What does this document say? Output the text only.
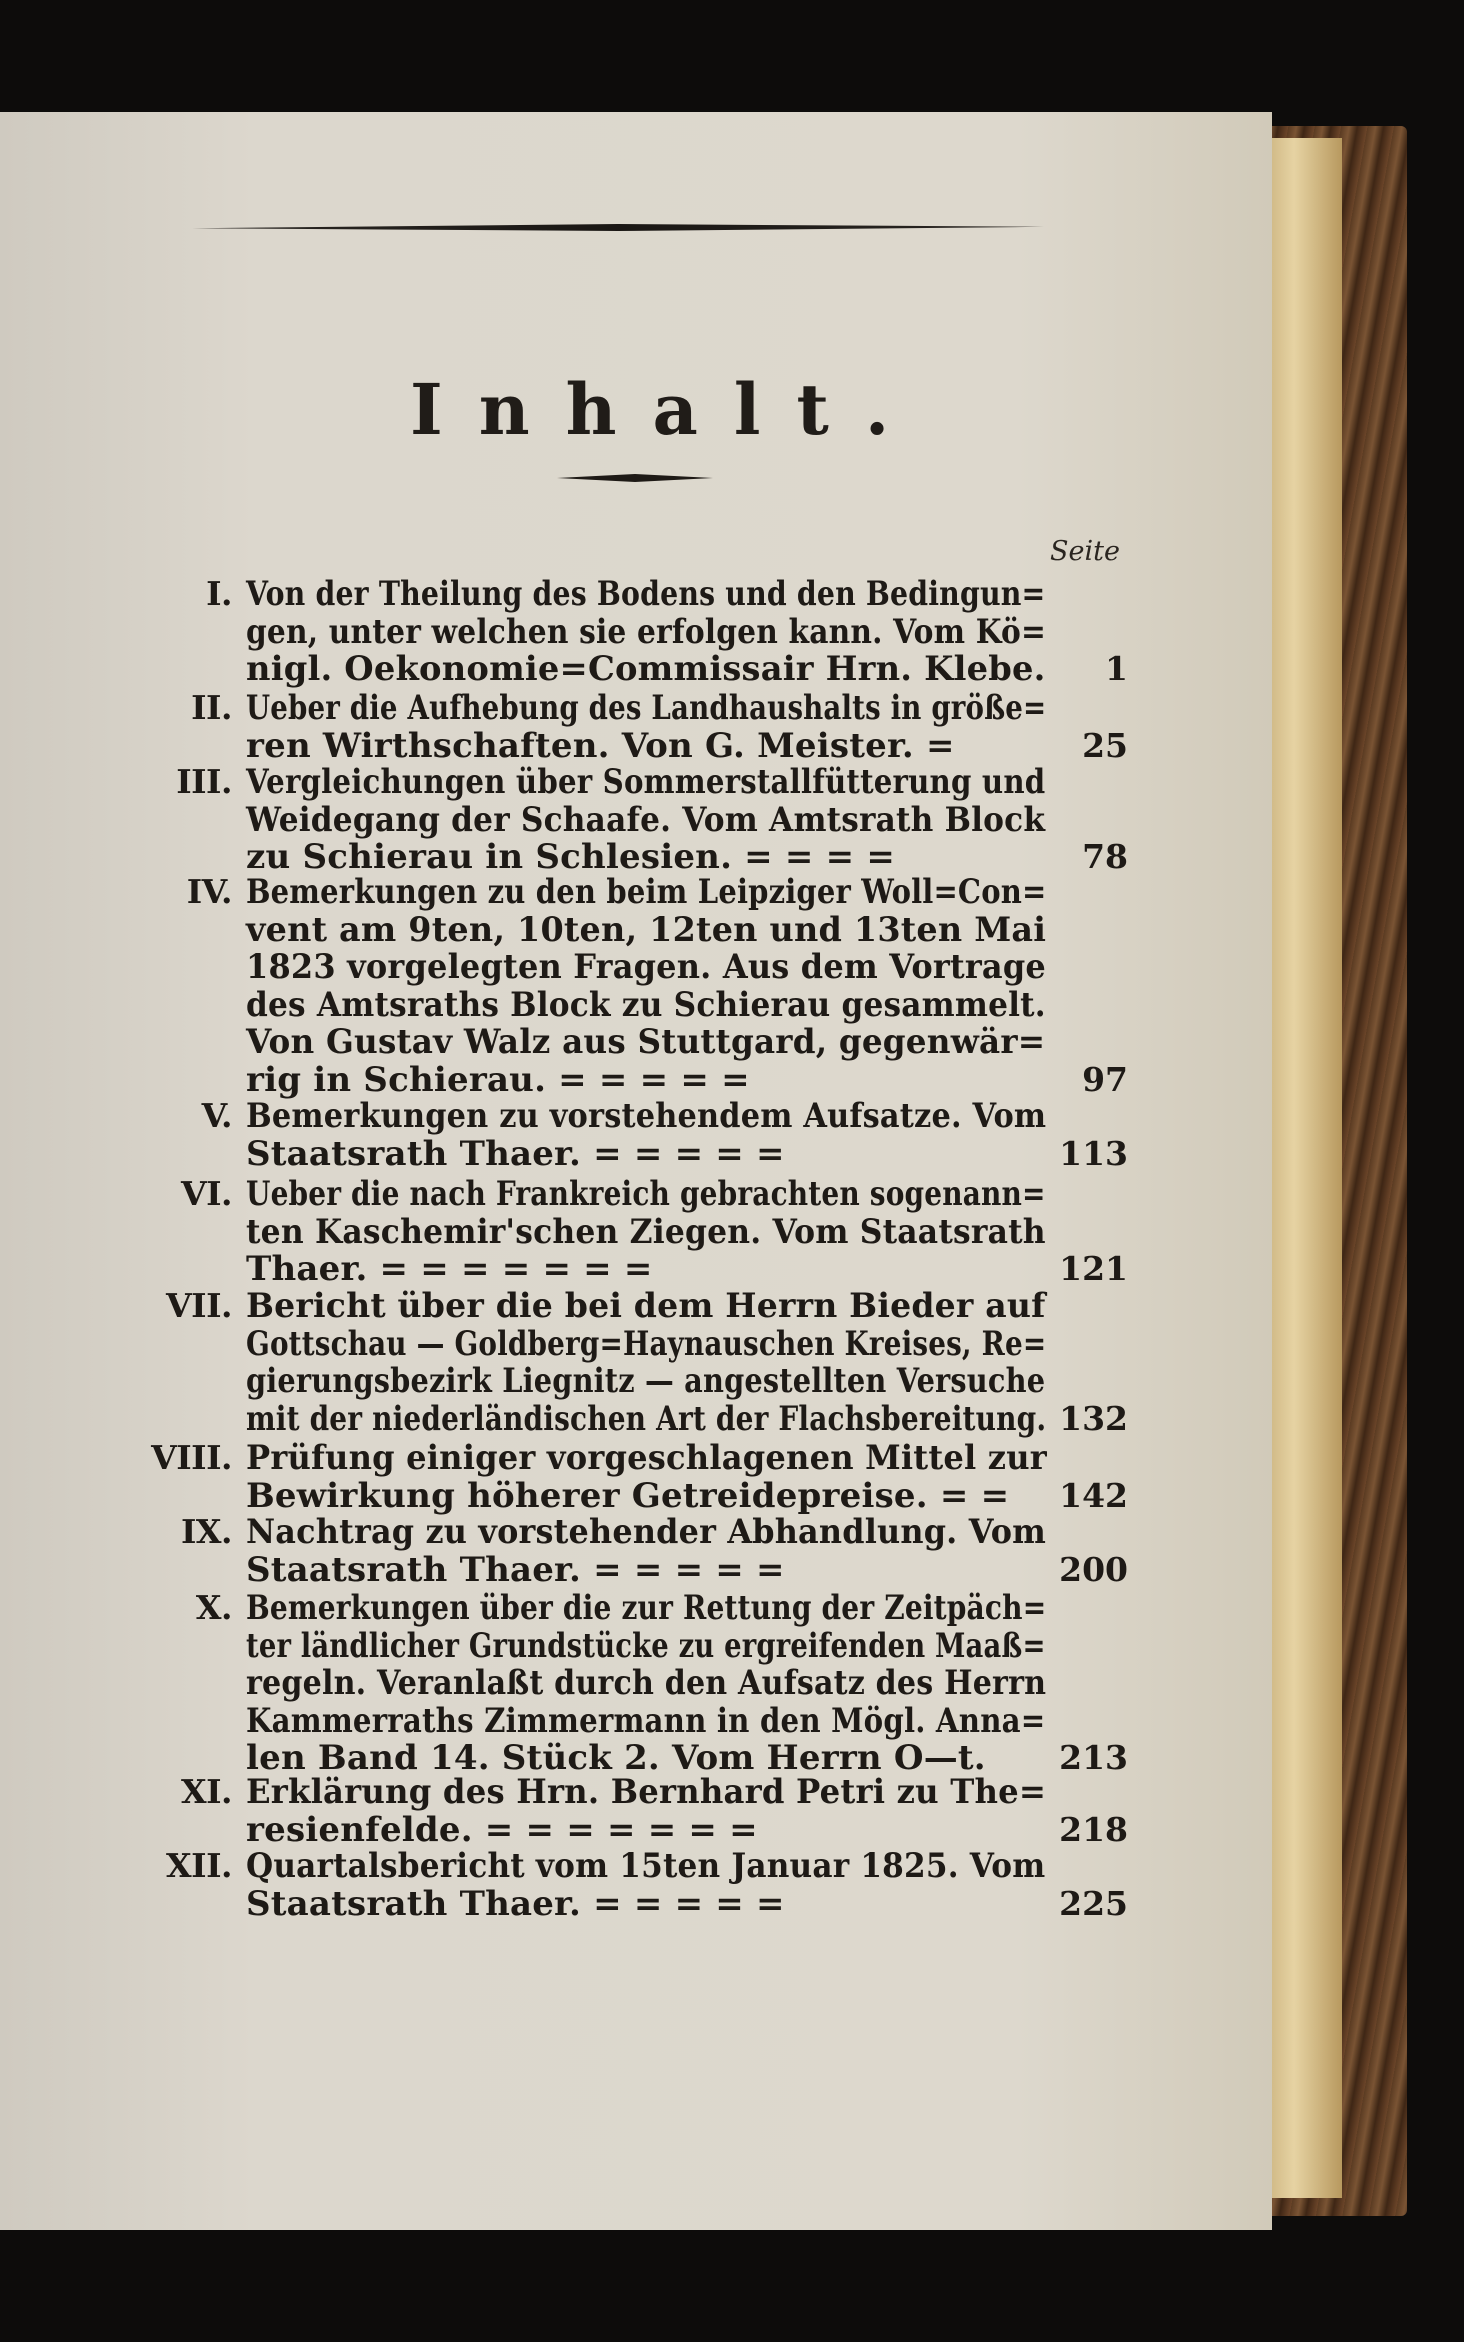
Inhalt.
Seite
I. Von der Theilung des Bodens und den Bedingun=
gen, unter welchen sie erfolgen kann. Vom Kö=
nigl. Oekonomie=Commissair Hrn. Klebe.	1
II. Ueber die Aufhebung des Landhaushalts in größe=
ren Wirthschaften. Von G. Meister. =	25
III. Vergleichungen über Sommerstallfütterung und
Weidegang der Schaafe. Vom Amtsrath Block
zu Schierau in Schlesien. = = = =	78
IV. Bemerkungen zu den beim Leipziger Woll=Con=
vent am 9ten, 10ten, 12ten und 13ten Mai
1823 vorgelegten Fragen. Aus dem Vortrage
des Amtsraths Block zu Schierau gesammelt.
Von Gustav Walz aus Stuttgard, gegenwär=
rig in Schierau. = = = = =	97
V. Bemerkungen zu vorstehendem Aufsatze. Vom
Staatsrath Thaer. = = = = =	113
VI. Ueber die nach Frankreich gebrachten sogenann=
ten Kaschemir'schen Ziegen. Vom Staatsrath
Thaer. = = = = = = =	121
VII. Bericht über die bei dem Herrn Bieder auf
Gottschau — Goldberg=Haynauschen Kreises, Re=
gierungsbezirk Liegnitz — angestellten Versuche
mit der niederländischen Art der Flachsbereitung. 132
VIII. Prüfung einiger vorgeschlagenen Mittel zur
Bewirkung höherer Getreidepreise. = =	142
IX. Nachtrag zu vorstehender Abhandlung. Vom
Staatsrath Thaer. = = = = =	200
X. Bemerkungen über die zur Rettung der Zeitpäch=
ter ländlicher Grundstücke zu ergreifenden Maaß=
regeln. Veranlaßt durch den Aufsatz des Herrn
Kammerraths Zimmermann in den Mögl. Anna=
len Band 14. Stück 2. Vom Herrn O—t.	213
XI. Erklärung des Hrn. Bernhard Petri zu The=
resienfelde. = = = = = = =	218
XII. Quartalsbericht vom 15ten Januar 1825. Vom
Staatsrath Thaer. = = = = =	225
